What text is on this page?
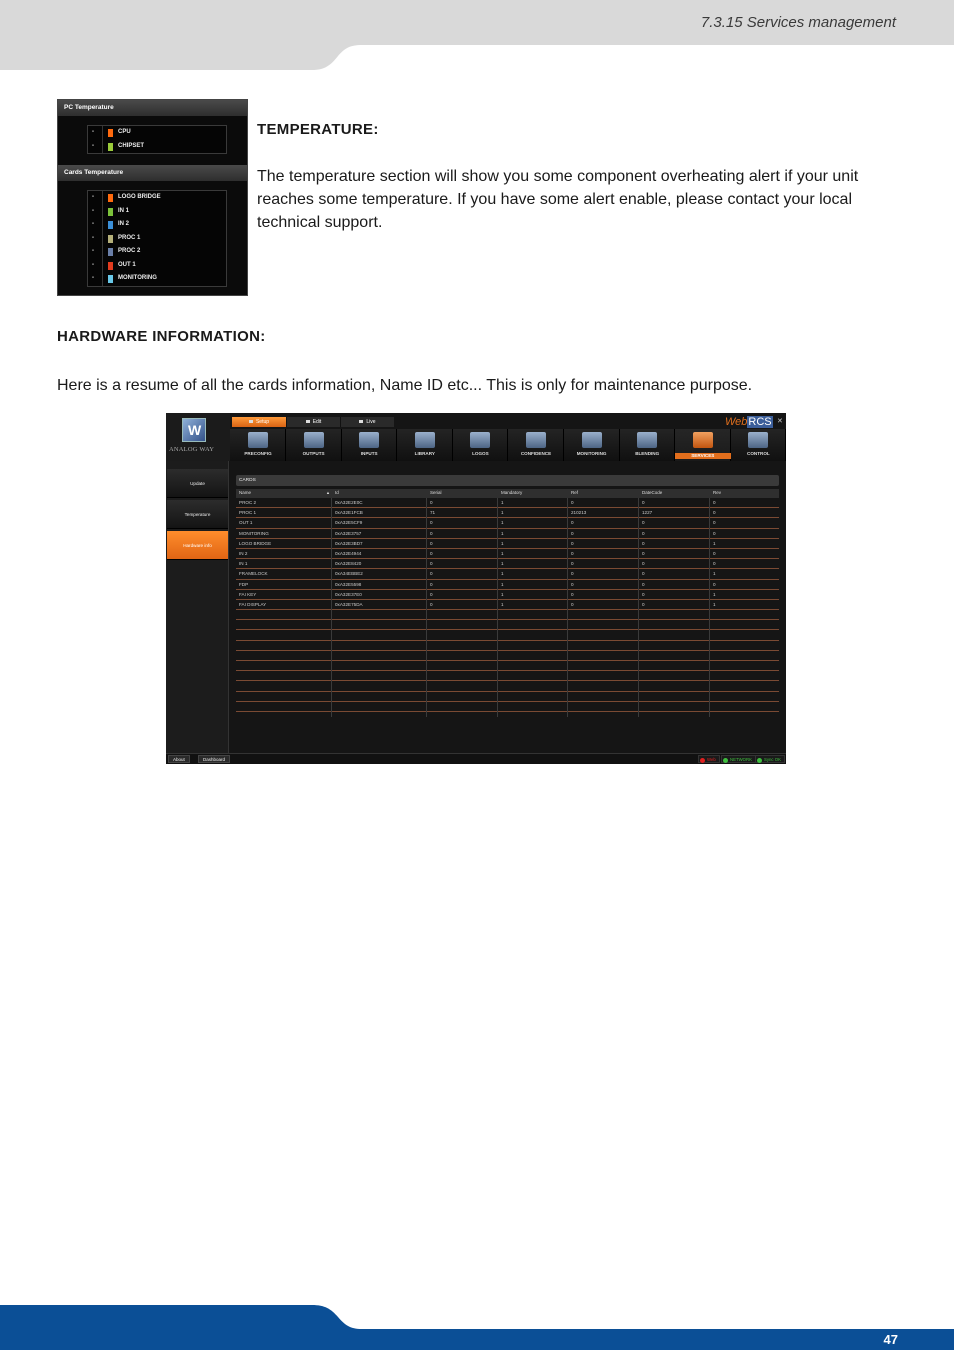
7.3.15 Services management
PC Temperature
-	CPU
-	CHIPSET
Cards Temperature
-	LOGO BRIDGE
-	IN 1
-	IN 2
-	PROC 1
-	PROC 2
-	OUT 1
-	MONITORING
TEMPERATURE:
The temperature section will show you some component overheating alert if your unit reaches some temperature. If you have some alert enable, please contact your local technical support.
HARDWARE INFORMATION:
Here is a resume of all the cards information, Name ID etc... This is only for maintenance purpose.
W
ANALOG WAY
Setup	Edit	Live	WebRCS ✕
PRECONFIG	OUTPUTS	INPUTS	LIBRARY	LOGOS	CONFIDENCE	MONITORING	BLENDING	SERVICES	CONTROL
Update
Temperature
Hardware info
CARDS
Name	Id	Serial	Mandatory	Ref	DateCode	Rev
▲
PROC 2	0xA32E2E0C	0	1	0	0	0
PROC 1	0xA32E1FCB	71	1	210213	1227	0
OUT 1	0xA32E5CF9	0	1	0	0	0
MONITORING	0xA32E3757	0	1	0	0	0
LOGO BRIDGE	0xA32E3BD7	0	1	0	0	1
IN 2	0xA32E4944	0	1	0	0	0
IN 1	0xA32E8420	0	1	0	0	0
FRAMELOCK	0xA34EBBE2	0	1	0	0	1
FDP	0xA32E5598	0	1	0	0	0
FAI KEY	0xA32E37E0	0	1	0	0	1
FAI DISPLAY	0xA32E75DA	0	1	0	0	1
About	Dashboard	Web	NETWORK	Sync OK
47
